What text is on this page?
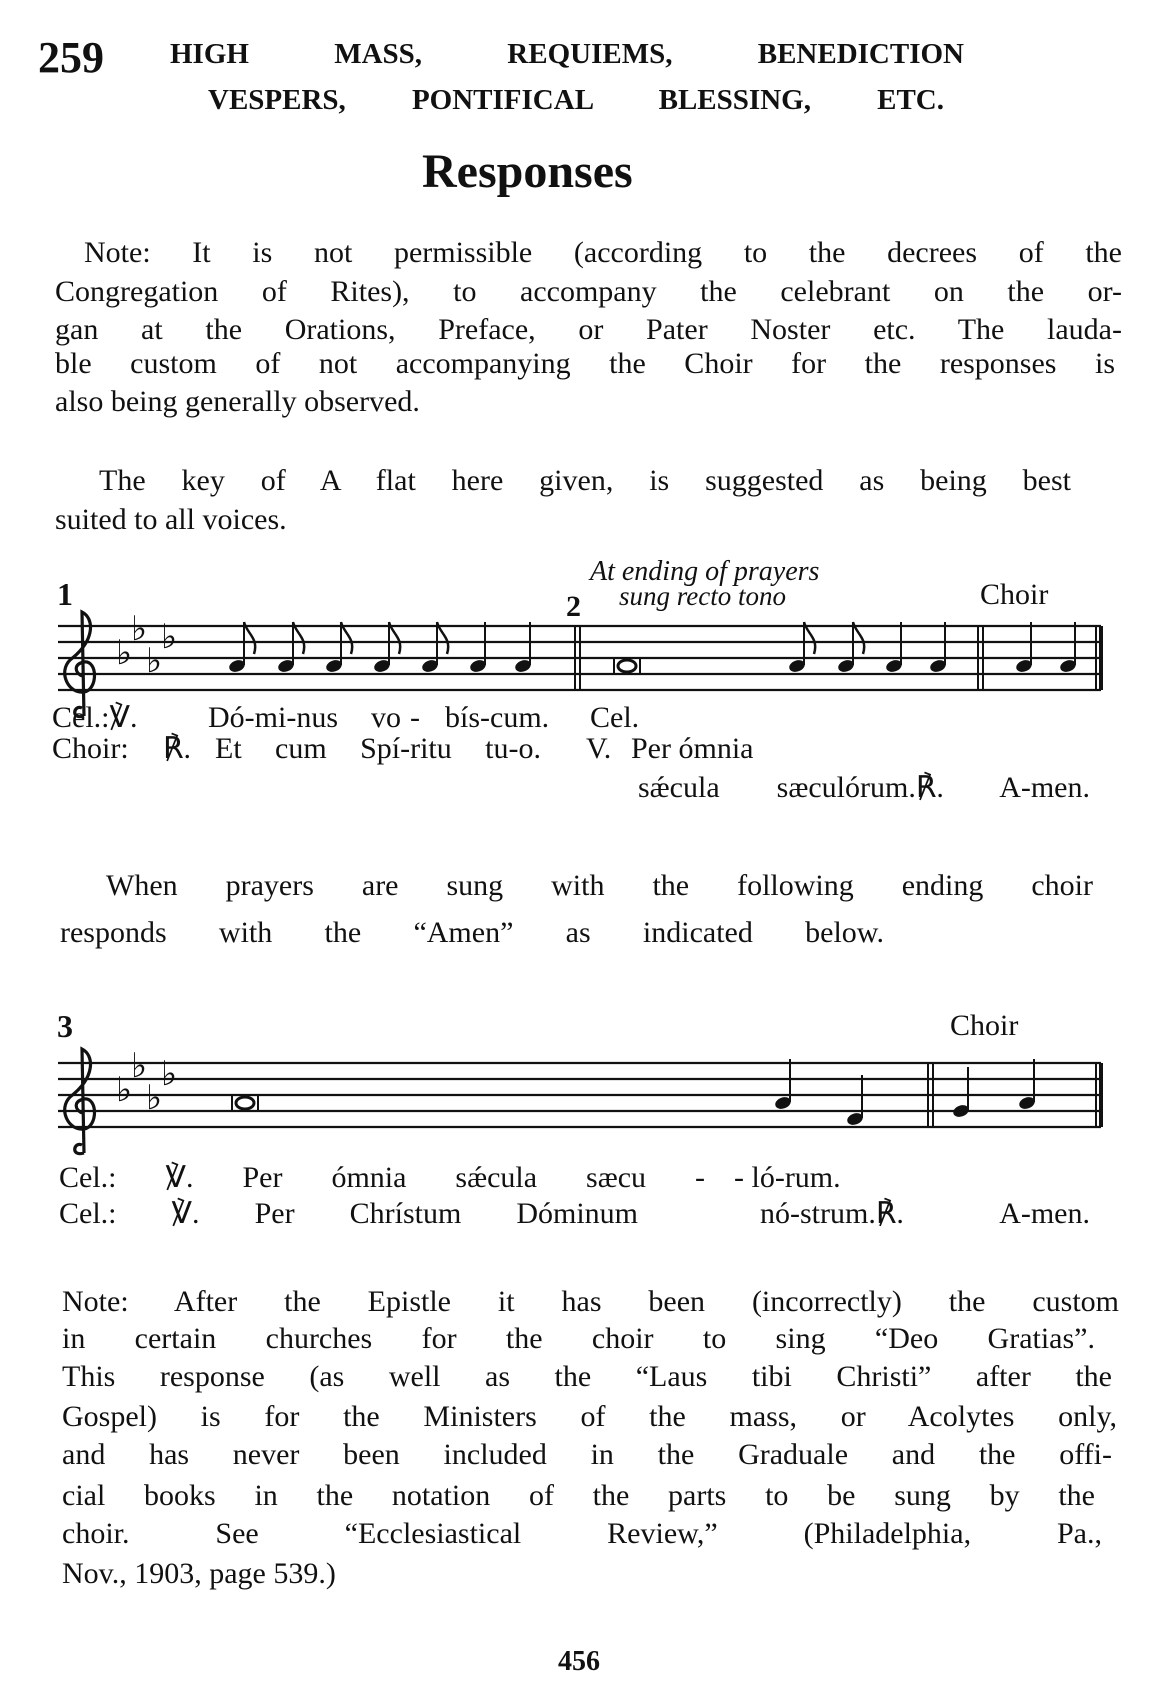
259 HIGH MASS, REQUIEMS, BENEDICTION
VESPERS, PONTIFICAL BLESSING, ETC.
Responses
Note: It is not permissible (according to the decrees of the
Congregation of Rites), to accompany the celebrant on the or-
gan at the Orations, Preface, or Pater Noster etc. The lauda-
ble custom of not accompanying the Choir for the responses is
also being generally observed.
The key of A flat here given, is suggested as being best
suited to all voices.
1	2
At ending of prayers
sung recto tono	Choir
Cel.:℣. Dó-mi-nus vo - bís-cum. Cel.
Choir: ℟. Et cum Spí-ritu tu-o. V. Per ómnia
sǽcula sæculórum.℟. A-men.
When prayers are sung with the following ending choir
responds with the “Amen” as indicated below.
3	Choir
Cel.: ℣. Per ómnia sǽcula sæcu - - ló-rum.
Cel.: ℣. Per Chrístum Dóminum	nó-strum.℟. A-men.
Note: After the Epistle it has been (incorrectly) the custom
in certain churches for the choir to sing “Deo Gratias”.
This response (as well as the “Laus tibi Christi” after the
Gospel) is for the Ministers of the mass, or Acolytes only,
and has never been included in the Graduale and the offi-
cial books in the notation of the parts to be sung by the
choir. See “Ecclesiastical Review,” (Philadelphia, Pa.,
Nov., 1903, page 539.)
456
♭
♭
♭
♭
♭
♭
♭
♭
